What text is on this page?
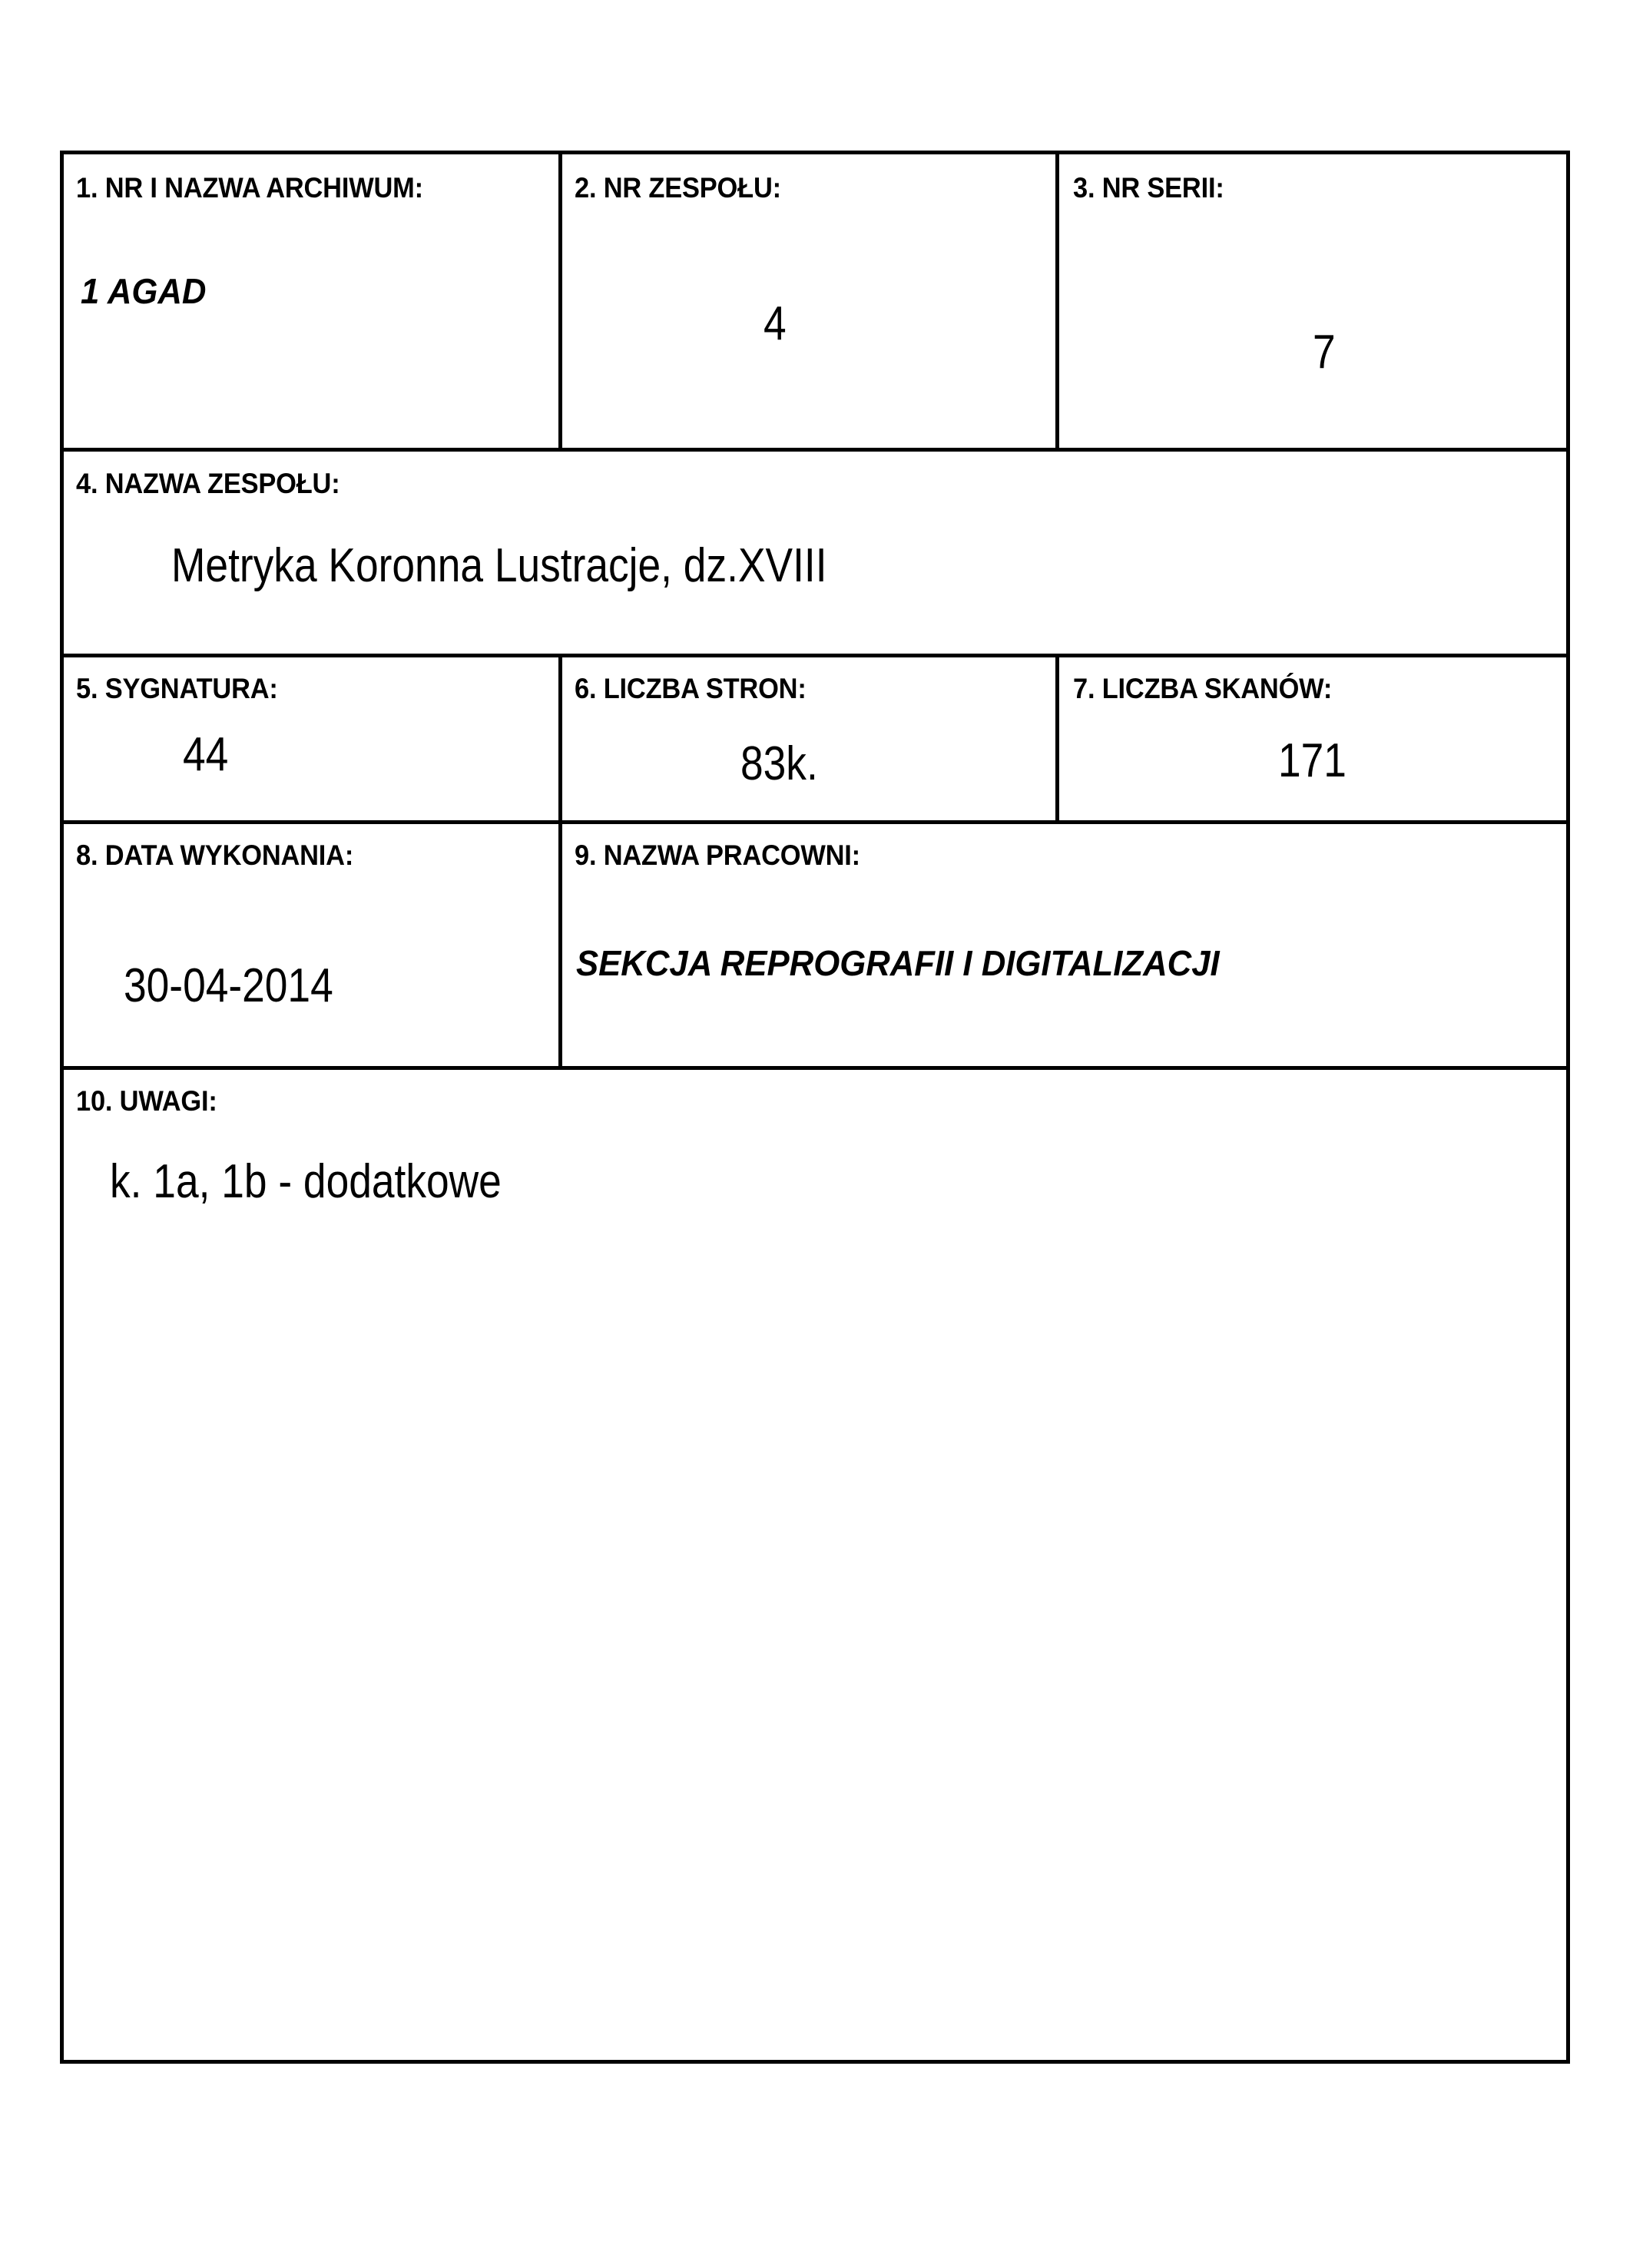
1. NR I NAZWA ARCHIWUM:
1 AGAD
2. NR ZESPOŁU:
4
3. NR SERII:
7
4. NAZWA ZESPOŁU:
Metryka Koronna Lustracje, dz.XVIII
5. SYGNATURA:
44
6. LICZBA STRON:
83k.
7. LICZBA SKANÓW:
171
8. DATA WYKONANIA:
30-04-2014
9. NAZWA PRACOWNI:
SEKCJA REPROGRAFII I DIGITALIZACJI
10. UWAGI:
k. 1a, 1b - dodatkowe
